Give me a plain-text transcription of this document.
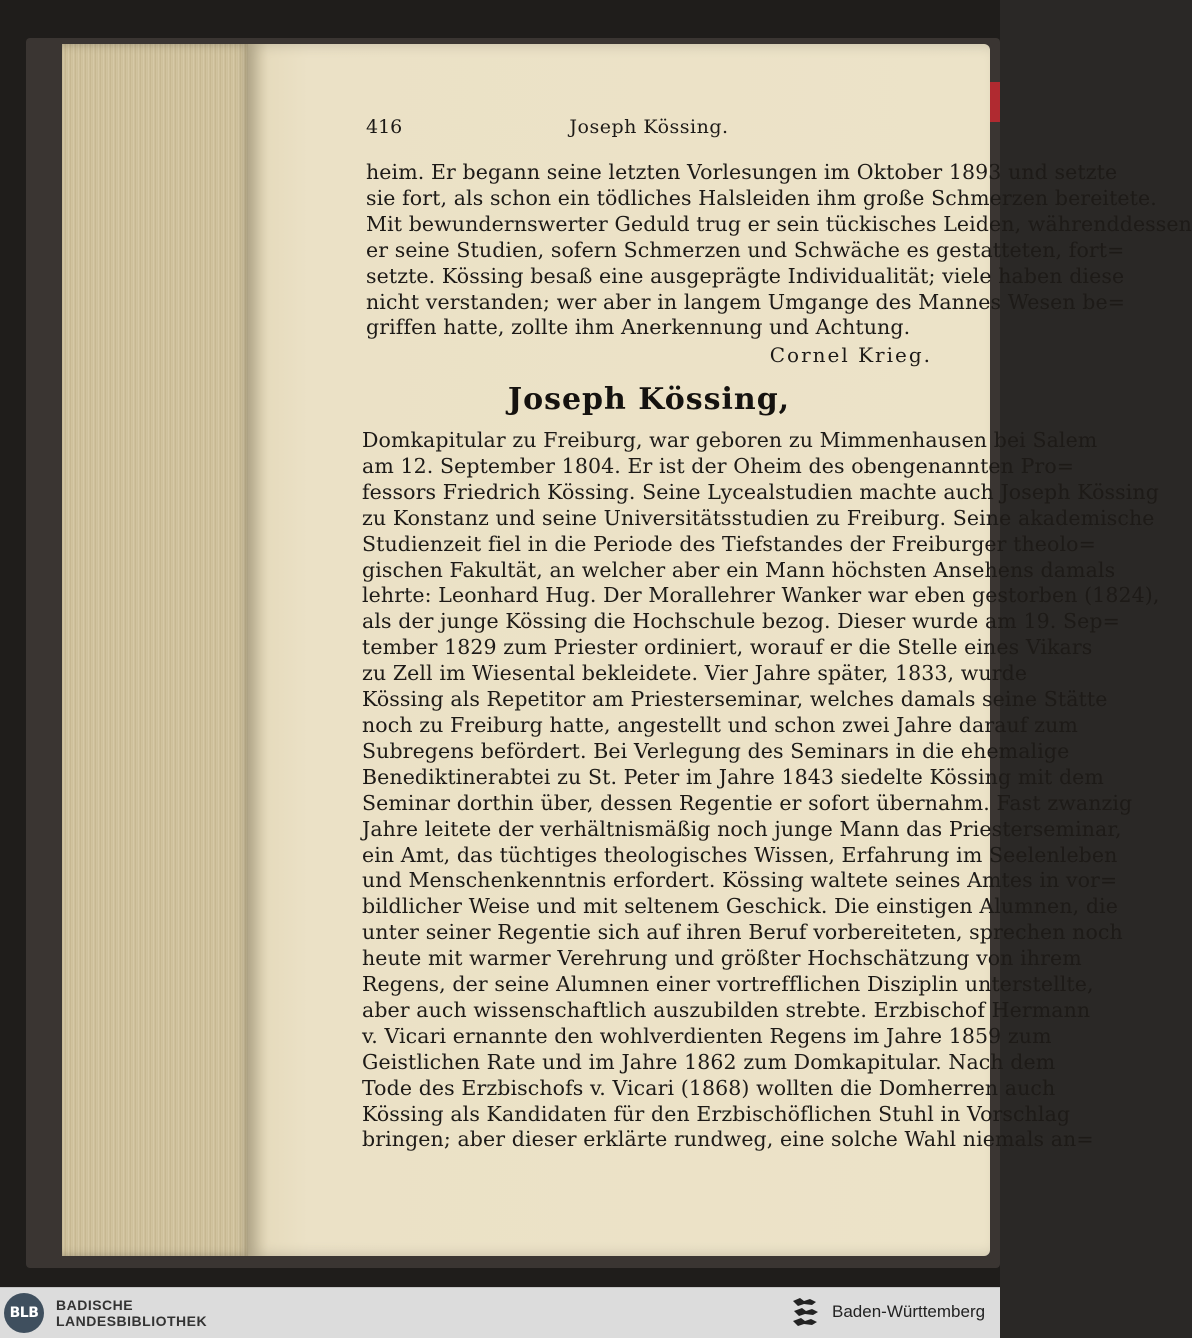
416	Joseph Kössing.
heim. Er begann seine letzten Vorlesungen im Oktober 1893 und setzte
sie fort, als schon ein tödliches Halsleiden ihm große Schmerzen bereitete.
Mit bewundernswerter Geduld trug er sein tückisches Leiden, währenddessen
er seine Studien, sofern Schmerzen und Schwäche es gestatteten, fort=
setzte. Kössing besaß eine ausgeprägte Individualität; viele haben diese
nicht verstanden; wer aber in langem Umgange des Mannes Wesen be=
griffen hatte, zollte ihm Anerkennung und Achtung.
Cornel Krieg.
Joseph Kössing,
Domkapitular zu Freiburg, war geboren zu Mimmenhausen bei Salem
am 12. September 1804. Er ist der Oheim des obengenannten Pro=
fessors Friedrich Kössing. Seine Lycealstudien machte auch Joseph Kössing
zu Konstanz und seine Universitätsstudien zu Freiburg. Seine akademische
Studienzeit fiel in die Periode des Tiefstandes der Freiburger theolo=
gischen Fakultät, an welcher aber ein Mann höchsten Ansehens damals
lehrte: Leonhard Hug. Der Morallehrer Wanker war eben gestorben (1824),
als der junge Kössing die Hochschule bezog. Dieser wurde am 19. Sep=
tember 1829 zum Priester ordiniert, worauf er die Stelle eines Vikars
zu Zell im Wiesental bekleidete. Vier Jahre später, 1833, wurde
Kössing als Repetitor am Priesterseminar, welches damals seine Stätte
noch zu Freiburg hatte, angestellt und schon zwei Jahre darauf zum
Subregens befördert. Bei Verlegung des Seminars in die ehemalige
Benediktinerabtei zu St. Peter im Jahre 1843 siedelte Kössing mit dem
Seminar dorthin über, dessen Regentie er sofort übernahm. Fast zwanzig
Jahre leitete der verhältnismäßig noch junge Mann das Priesterseminar,
ein Amt, das tüchtiges theologisches Wissen, Erfahrung im Seelenleben
und Menschenkenntnis erfordert. Kössing waltete seines Amtes in vor=
bildlicher Weise und mit seltenem Geschick. Die einstigen Alumnen, die
unter seiner Regentie sich auf ihren Beruf vorbereiteten, sprechen noch
heute mit warmer Verehrung und größter Hochschätzung von ihrem
Regens, der seine Alumnen einer vortrefflichen Disziplin unterstellte,
aber auch wissenschaftlich auszubilden strebte. Erzbischof Hermann
v. Vicari ernannte den wohlverdienten Regens im Jahre 1859 zum
Geistlichen Rate und im Jahre 1862 zum Domkapitular. Nach dem
Tode des Erzbischofs v. Vicari (1868) wollten die Domherren auch
Kössing als Kandidaten für den Erzbischöflichen Stuhl in Vorschlag
bringen; aber dieser erklärte rundweg, eine solche Wahl niemals an=
BLB	BADISCHE
LANDESBIBLIOTHEK	Baden-Württemberg
